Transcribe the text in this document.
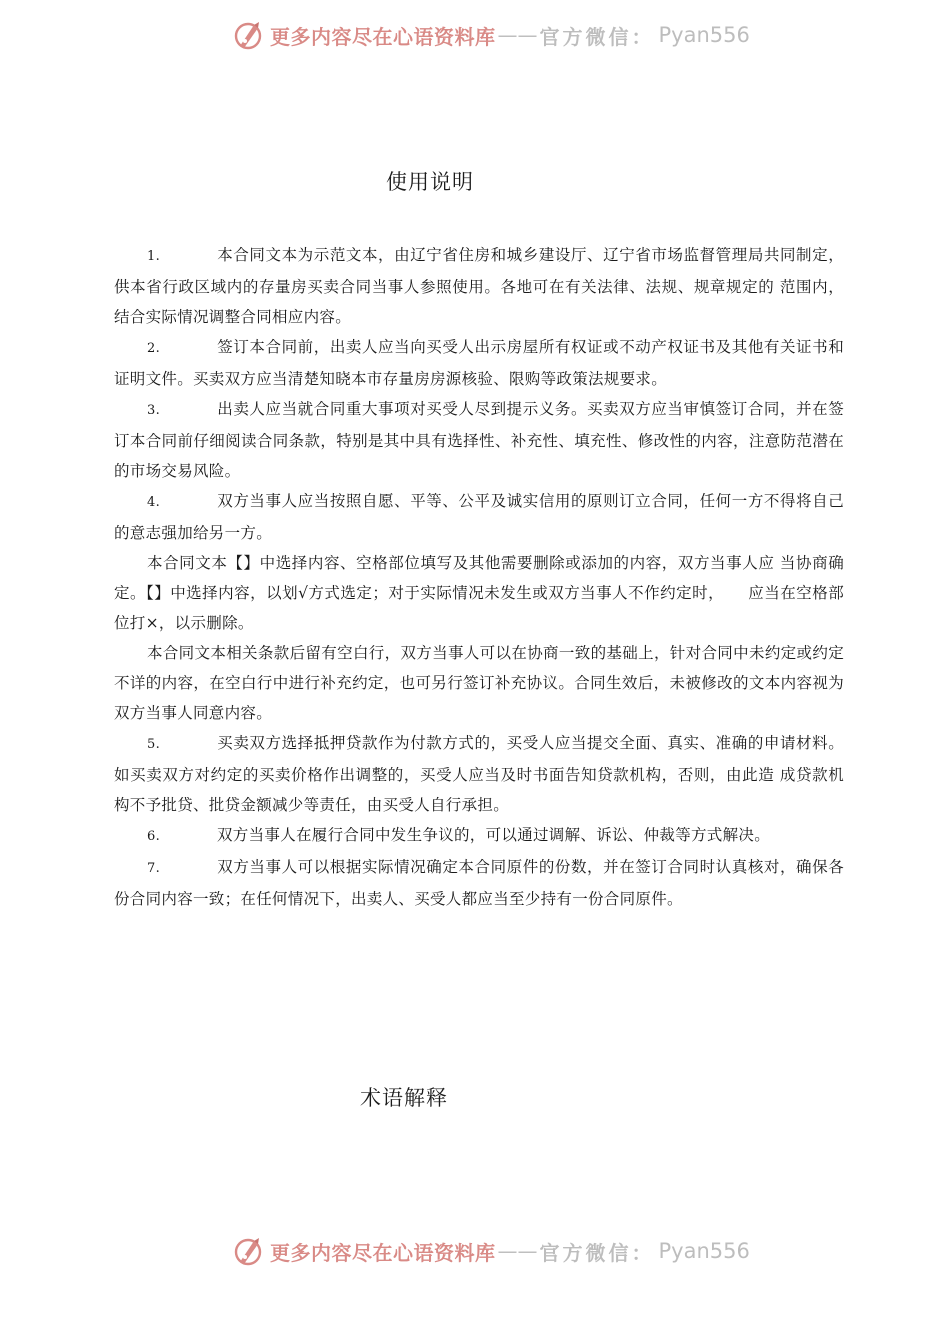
更多内容尽在心语资料库 —— 官方微信： Pyan556
使用说明

1.	本合同文本为示范文本，由辽宁省住房和城乡建设厅、辽宁省市场监督管理局共同制定， 供本省行政区域内的存量房买卖合同当事人参照使用。各地可在有关法律、法规、规章规定的 范围内，结合实际情况调整合同相应内容。

2.	签订本合同前，出卖人应当向买受人出示房屋所有权证或不动产权证书及其他有关证书和证明文件。买卖双方应当清楚知晓本市存量房房源核验、限购等政策法规要求。

3.	出卖人应当就合同重大事项对买受人尽到提示义务。买卖双方应当审慎签订合同，并在签订本合同前仔细阅读合同条款，特别是其中具有选择性、补充性、填充性、修改性的内容，注意防范潜在的市场交易风险。

4.	双方当事人应当按照自愿、平等、公平及诚实信用的原则订立合同，任何一方不得将自己的意志强加给另一方。

本合同文本【】中选择内容、空格部位填写及其他需要删除或添加的内容，双方当事人应 当协商确定。【】中选择内容，以划√方式选定；对于实际情况未发生或双方当事人不作约定时，　　应当在空格部位打×，以示删除。

本合同文本相关条款后留有空白行，双方当事人可以在协商一致的基础上，针对合同中未约定或约定不详的内容，在空白行中进行补充约定，也可另行签订补充协议。合同生效后，未被修改的文本内容视为双方当事人同意内容。

5.	买卖双方选择抵押贷款作为付款方式的，买受人应当提交全面、真实、准确的申请材料。如买卖双方对约定的买卖价格作出调整的，买受人应当及时书面告知贷款机构，否则，由此造 成贷款机构不予批贷、批贷金额减少等责任，由买受人自行承担。

6.	双方当事人在履行合同中发生争议的，可以通过调解、诉讼、仲裁等方式解决。

7.	双方当事人可以根据实际情况确定本合同原件的份数，并在签订合同时认真核对，确保各份合同内容一致；在任何情况下，出卖人、买受人都应当至少持有一份合同原件。

术语解释
更多内容尽在心语资料库 —— 官方微信： Pyan556
